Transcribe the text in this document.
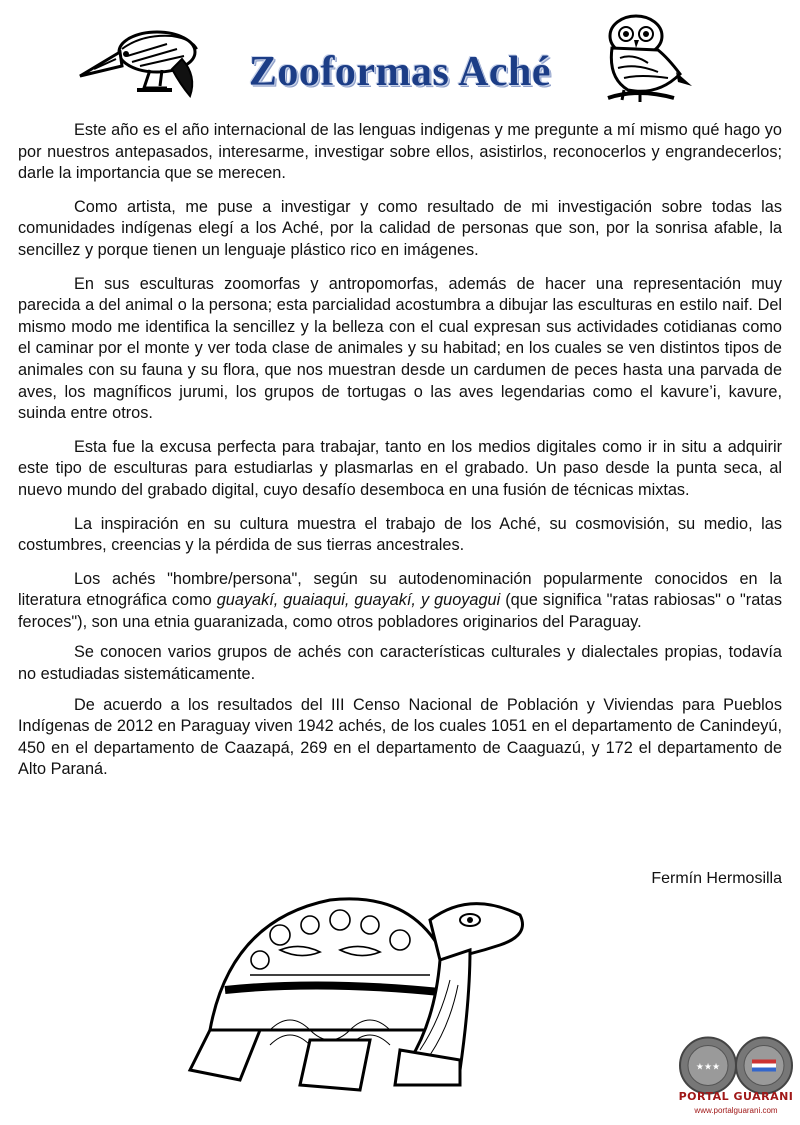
Zooformas Aché

Este año es el año internacional de las lenguas indigenas y me pregunte a mí mismo qué hago yo por nuestros antepasados, interesarme, investigar sobre ellos, asistirlos, reconocerlos y engrandecerlos; darle la importancia que se merecen.

Como artista, me puse a investigar y como resultado de mi investigación sobre todas las comunidades indígenas elegí a los Aché, por la calidad de personas que son, por la sonrisa afable, la sencillez y porque tienen un lenguaje plástico rico en imágenes.

En sus esculturas zoomorfas y antropomorfas, además de hacer una representación muy parecida a del animal o la persona; esta parcialidad acostumbra a dibujar las esculturas en estilo naif. Del mismo modo me identifica la sencillez y la belleza con el cual expresan sus actividades cotidianas como el caminar por el monte y ver toda clase de animales y su habitad; en los cuales se ven distintos tipos de animales con su fauna y su flora, que nos muestran desde un cardumen de peces hasta una parvada de aves, los magníficos jurumi, los grupos de tortugas o las aves legendarias como el kavure’i, kavure, suinda entre otros.

Esta fue la excusa perfecta para trabajar, tanto en los medios digitales como ir in situ a adquirir este tipo de esculturas para estudiarlas y plasmarlas en el grabado. Un paso desde la punta seca, al nuevo mundo del grabado digital, cuyo desafío desemboca en una fusión de técnicas mixtas.

La inspiración en su cultura muestra el trabajo de los Aché, su cosmovisión, su medio, las costumbres, creencias y la pérdida de sus tierras ancestrales.

Los achés "hombre/persona", según su autodenominación popularmente conocidos en la literatura etnográfica como guayakí, guaiaqui, guayakí, y guoyagui (que significa "ratas rabiosas" o "ratas feroces"), son una etnia guaranizada, como otros pobladores originarios del Paraguay.

Se conocen varios grupos de achés con características culturales y dialectales propias, todavía no estudiadas sistemáticamente.

De acuerdo a los resultados del III Censo Nacional de Población y Viviendas para Pueblos Indígenas de 2012 en Paraguay viven 1942 achés, de los cuales 1051 en el departamento de Canindeyú, 450 en el departamento de Caazapá, 269 en el departamento de Caaguazú, y 172 el departamento de Alto Paraná.

Fermín Hermosilla
★★★
PORTAL GUARANI
www.portalguarani.com
